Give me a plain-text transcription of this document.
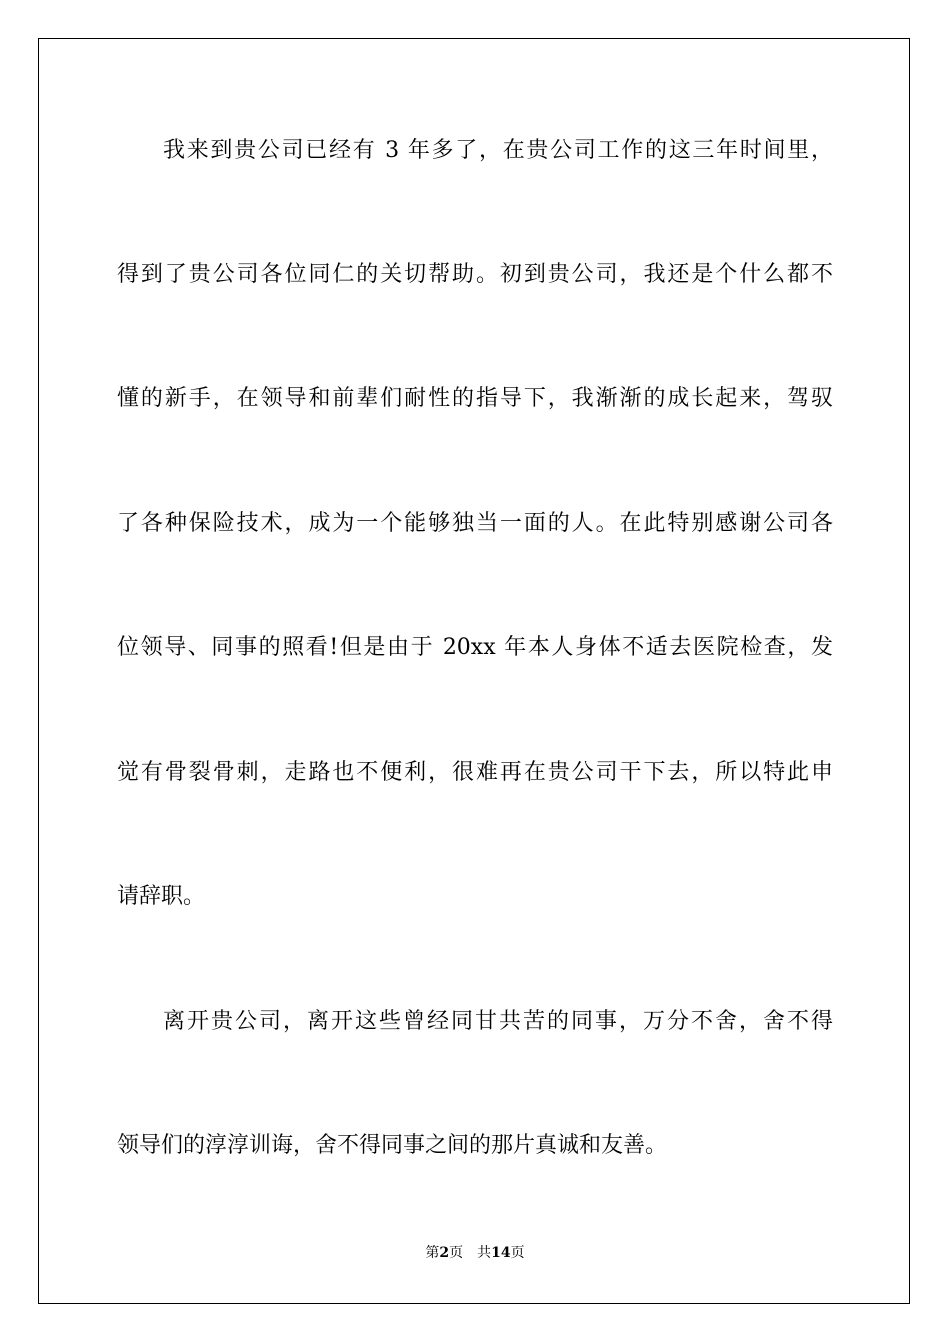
我来到贵公司已经有 3 年多了，在贵公司工作的这三年时间里，
得到了贵公司各位同仁的关切帮助。初到贵公司，我还是个什么都不
懂的新手，在领导和前辈们耐性的指导下，我渐渐的成长起来，驾驭
了各种保险技术，成为一个能够独当一面的人。在此特别感谢公司各
位领导、同事的照看!但是由于 20xx 年本人身体不适去医院检查，发
觉有骨裂骨刺，走路也不便利，很难再在贵公司干下去，所以特此申
请辞职。
离开贵公司，离开这些曾经同甘共苦的同事，万分不舍，舍不得
领导们的淳淳训诲，舍不得同事之间的那片真诚和友善。
第2页 共14页
